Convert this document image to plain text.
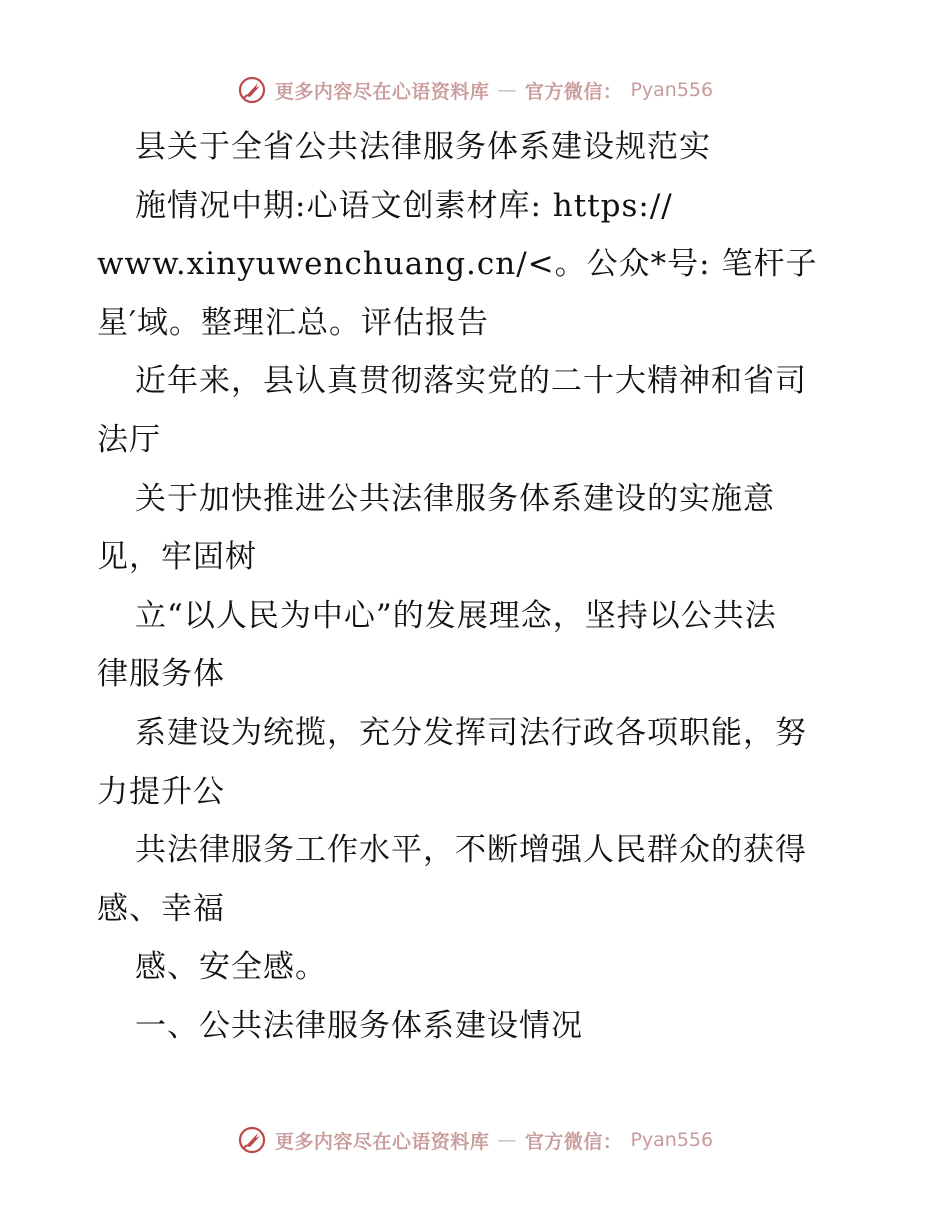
更多内容尽在心语资料库 — 官方微信： Pyan556
县关于全省公共法律服务体系建设规范实
施情况中期:心语文创素材库: https://
www.xinyuwenchuang.cn/<。公众*号: 笔杆子
星′域。整理汇总。评估报告
近年来，县认真贯彻落实党的二十大精神和省司
法厅
关于加快推进公共法律服务体系建设的实施意
见，牢固树
立“以人民为中心”的发展理念，坚持以公共法
律服务体
系建设为统揽，充分发挥司法行政各项职能，努
力提升公
共法律服务工作水平，不断增强人民群众的获得
感、幸福
感、安全感。
一、公共法律服务体系建设情况
更多内容尽在心语资料库 — 官方微信： Pyan556
